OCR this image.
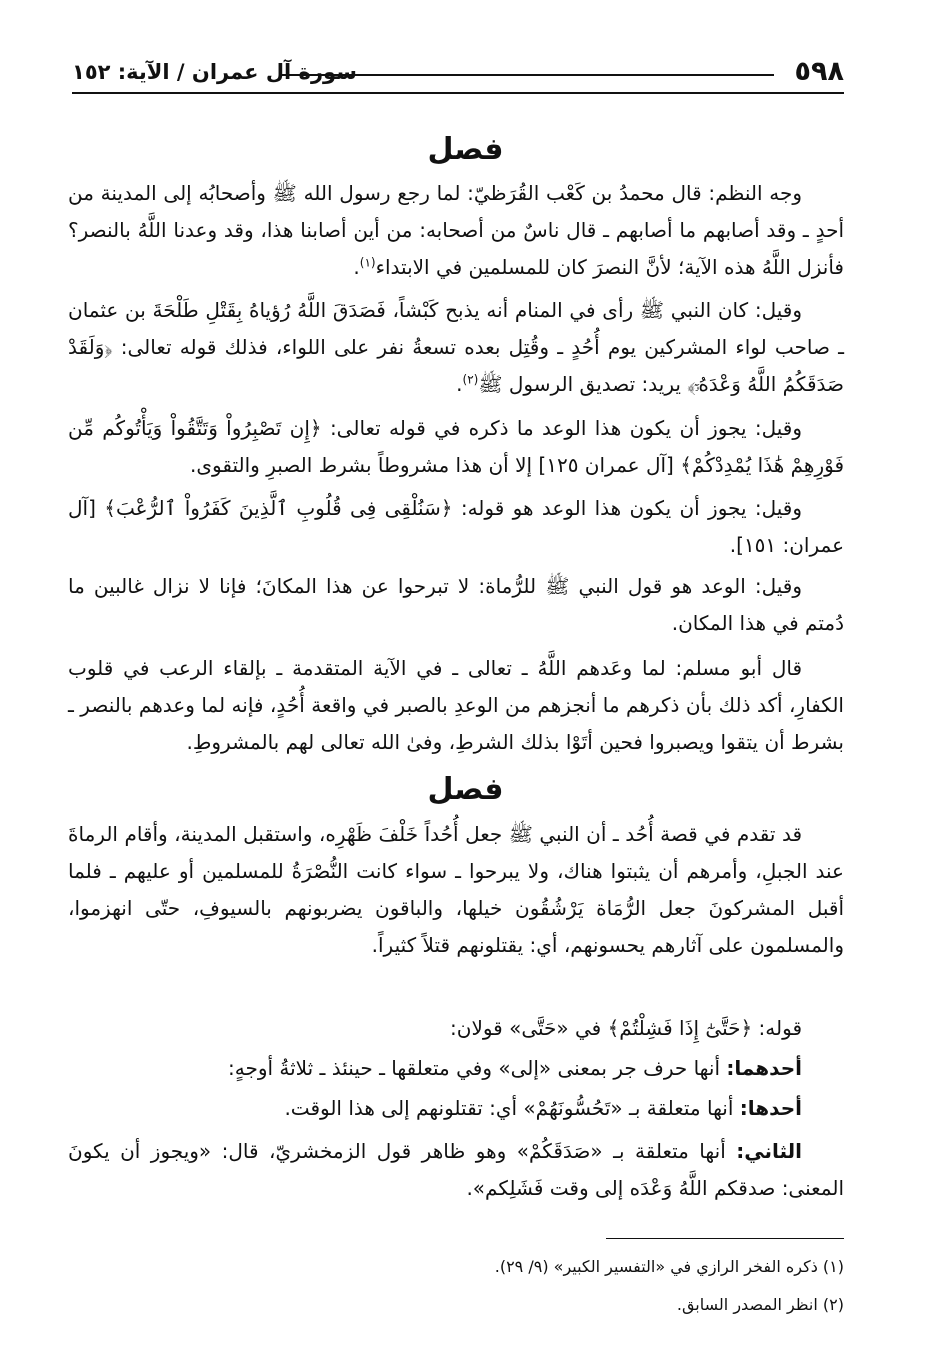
٥٩٨
سورة آل عمران / الآية: ١٥٢
فصل

وجه النظم: قال محمدُ بن كَعْب القُرَظيّ: لما رجع رسول الله ﷺ وأصحابُه إلى المدينة من أحدٍ ـ وقد أصابهم ما أصابهم ـ قال ناسٌ من أصحابه: من أين أصابنا هذا، وقد وعدنا اللَّهُ بالنصر؟ فأنزل اللَّهُ هذه الآية؛ لأنَّ النصرَ كان للمسلمين في الابتداء$^{(١)}$.

وقيل: كان النبي ﷺ رأى في المنام أنه يذبح كَبْشاً، فَصَدَقَ اللَّهُ رُؤياهُ بِقَتْلِ طَلْحَةَ بن عثمان ـ صاحب لواء المشركين يوم أُحُدٍ ـ وقُتِل بعده تسعةُ نفر على اللواء، فذلك قوله تعالى: ﴿وَلَقَدْ صَدَقَكُمُ اللَّهُ وَعْدَهُۥٓ﴾ يريد: تصديق الرسول ﷺ$^{(٢)}$.

وقيل: يجوز أن يكون هذا الوعد ما ذكره في قوله تعالى: ﴿إِن تَصْبِرُواْ وَتَتَّقُواْ وَيَأْتُوكُم مِّن فَوْرِهِمْ هَٰذَا يُمْدِدْكُمْ﴾ [آل عمران ١٢٥] إلا أن هذا مشروطاً بشرط الصبرِ والتقوى.

وقيل: يجوز أن يكون هذا الوعد هو قوله: ﴿سَنُلْقِى فِى قُلُوبِ ٱلَّذِينَ كَفَرُواْ ٱلرُّعْبَ﴾ [آل عمران: ١٥١].

وقيل: الوعد هو قول النبي ﷺ للرُّماة: لا تبرحوا عن هذا المكانَ؛ فإنا لا نزال غالبين ما دُمتم في هذا المكان.

قال أبو مسلم: لما وعَدهم اللَّهُ ـ تعالى ـ في الآية المتقدمة ـ بإلقاء الرعب في قلوب الكفارِ، أكد ذلك بأن ذكرهم ما أنجزهم من الوعدِ بالصبر في واقعة أُحُدٍ، فإنه لما وعدهم بالنصر ـ بشرط أن يتقوا ويصبروا فحين أتَوْا بذلك الشرطِ، وفىٰ الله تعالى لهم بالمشروطِ.

فصل

قد تقدم في قصة أُحُد ـ أن النبي ﷺ جعل أُحُداً خَلْفَ ظَهْرِه، واستقبل المدينة، وأقام الرماةَ عند الجبلِ، وأمرهم أن يثبتوا هناك، ولا يبرحوا ـ سواء كانت النُّصْرَةُ للمسلمين أو عليهم ـ فلما أقبل المشركونَ جعل الرُّمَاة يَرْشُقُون خيلها، والباقون يضربونهم بالسيوفِ، حتّى انهزموا، والمسلمون على آثارهم يحسونهم، أي: يقتلونهم قتلاً كثيراً.

قوله: ﴿حَتَّىٰٓ إِذَا فَشِلْتُمْ﴾ في «حَتَّى» قولان:

أحدهما: أنها حرف جر بمعنى «إلى» وفي متعلقها ـ حينئذ ـ ثلاثةُ أوجهٍ:

أحدها: أنها متعلقة بـ «تَحُسُّونَهُمْ» أي: تقتلونهم إلى هذا الوقت.

الثاني: أنها متعلقة بـ «صَدَقَكُمْ» وهو ظاهر قول الزمخشريّ، قال: «ويجوز أن يكونَ المعنى: صدقكم اللَّهُ وَعْدَه إلى وقت فَشَلِكم».

(١) ذكره الفخر الرازي في «التفسير الكبير» (٩/ ٢٩).
(٢) انظر المصدر السابق.
